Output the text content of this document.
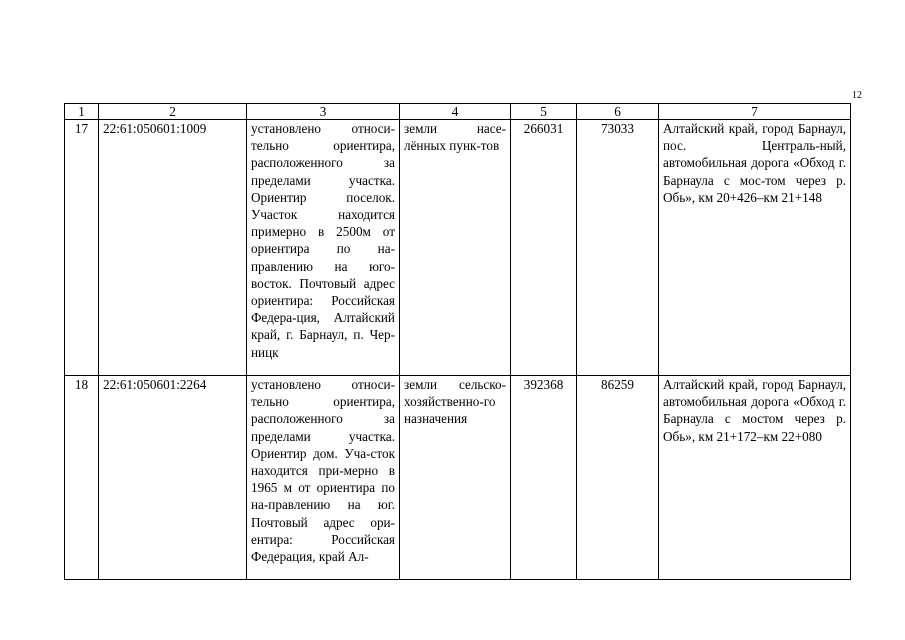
12
1	2	3	4	5	6	7
17	22:61:050601:1009	установлено относи-тельно ориентира, расположенного за пределами участка. Ориентир поселок. Участок находится примерно в 2500м от ориентира по на-правлению на юго-восток. Почтовый адрес ориентира: Российская Федера-ция, Алтайский край, г. Барнаул, п. Чер-ницк	земли насе-лённых пунк-тов	266031	73033	Алтайский край, город Барнаул, пос. Централь-ный, автомобильная дорога «Обход г. Барнаула с мос-том через р. Обь», км 20+426–км 21+148

18	22:61:050601:2264	установлено относи-тельно ориентира, расположенного за пределами участка. Ориентир дом. Уча-сток находится при-мерно в 1965 м от ориентира по на-правлению на юг. Почтовый адрес ори-ентира: Российская Федерация, край Ал-	земли сельско-хозяйственно-го назначения	392368	86259	Алтайский край, город Барнаул, автомобильная дорога «Обход г. Барнаула с мостом через р. Обь», км 21+172–км 22+080
